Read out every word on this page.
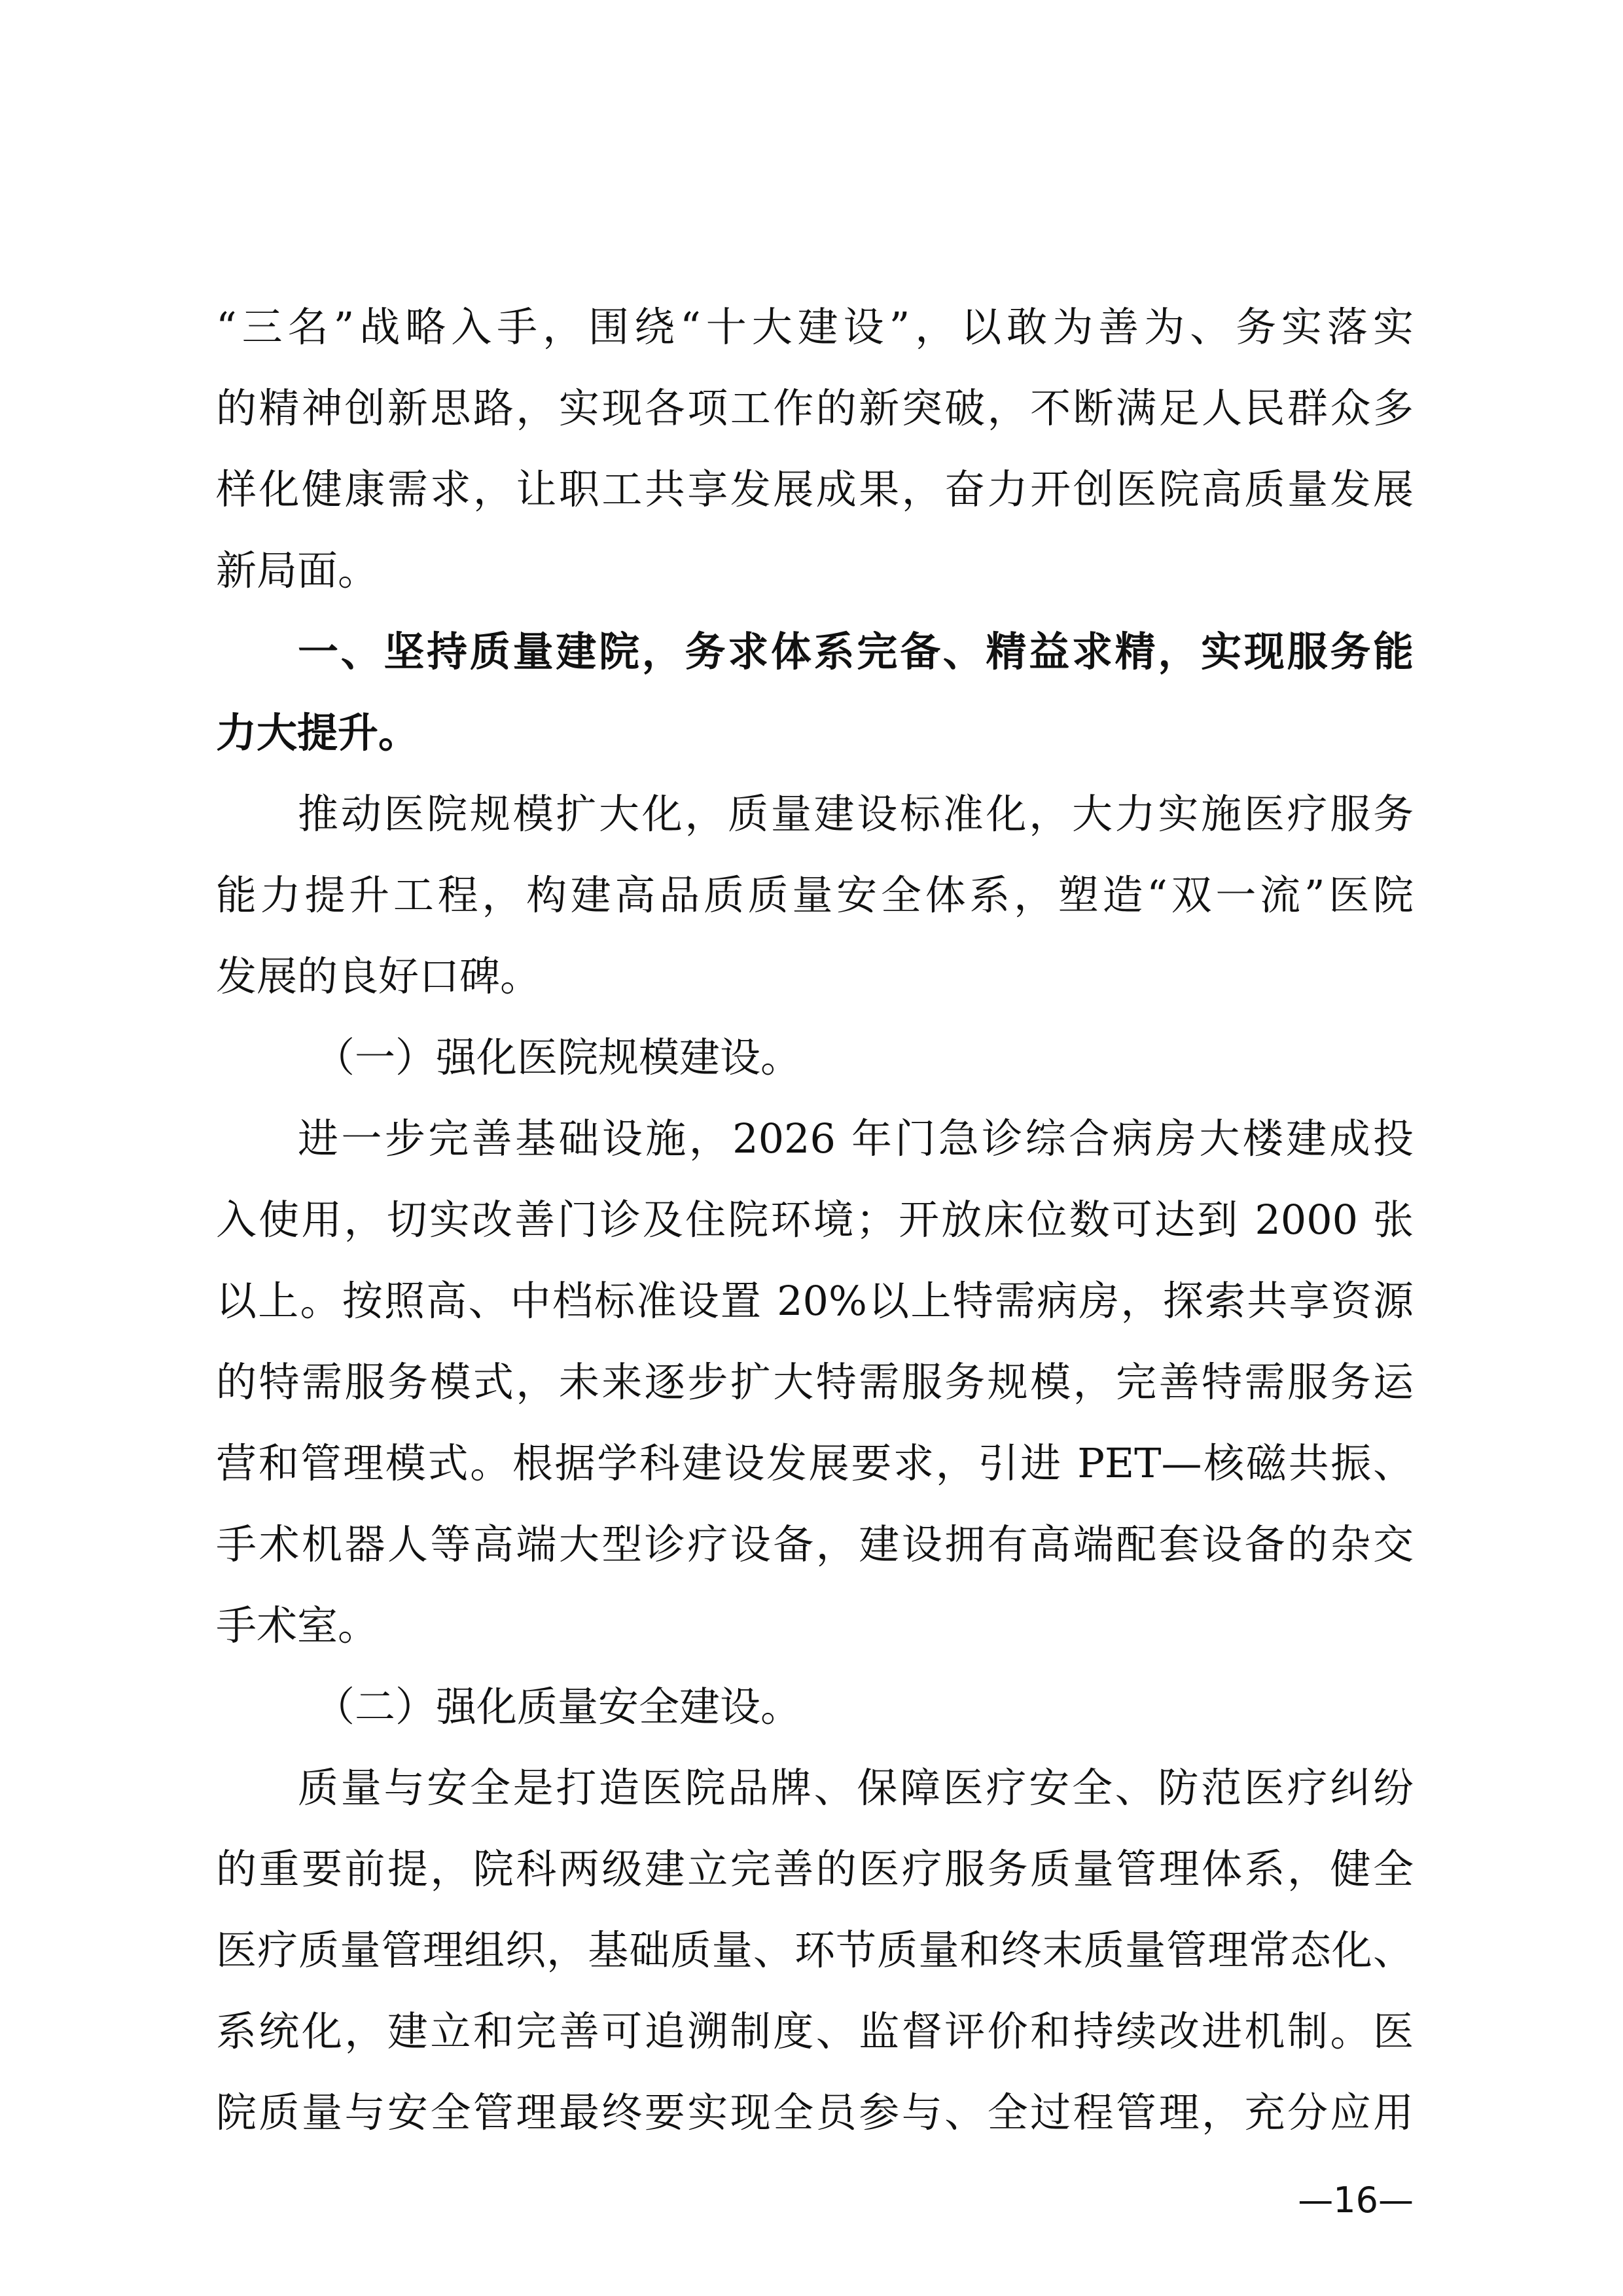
“三名”战略入手，围绕“十大建设”，以敢为善为、务实落实
的精神创新思路，实现各项工作的新突破，不断满足人民群众多
样化健康需求，让职工共享发展成果，奋力开创医院高质量发展
新局面。
一、坚持质量建院，务求体系完备、精益求精，实现服务能
力大提升。
推动医院规模扩大化，质量建设标准化，大力实施医疗服务
能力提升工程，构建高品质质量安全体系，塑造“双一流”医院
发展的良好口碑。
（一）强化医院规模建设。
进一步完善基础设施，2026 年门急诊综合病房大楼建成投
入使用，切实改善门诊及住院环境；开放床位数可达到 2000 张
以上。按照高、中档标准设置 20%以上特需病房，探索共享资源
的特需服务模式，未来逐步扩大特需服务规模，完善特需服务运
营和管理模式。根据学科建设发展要求，引进 PET—核磁共振、
手术机器人等高端大型诊疗设备，建设拥有高端配套设备的杂交
手术室。
（二）强化质量安全建设。
质量与安全是打造医院品牌、保障医疗安全、防范医疗纠纷
的重要前提，院科两级建立完善的医疗服务质量管理体系，健全
医疗质量管理组织，基础质量、环节质量和终末质量管理常态化、
系统化，建立和完善可追溯制度、监督评价和持续改进机制。医
院质量与安全管理最终要实现全员参与、全过程管理，充分应用
—16—
